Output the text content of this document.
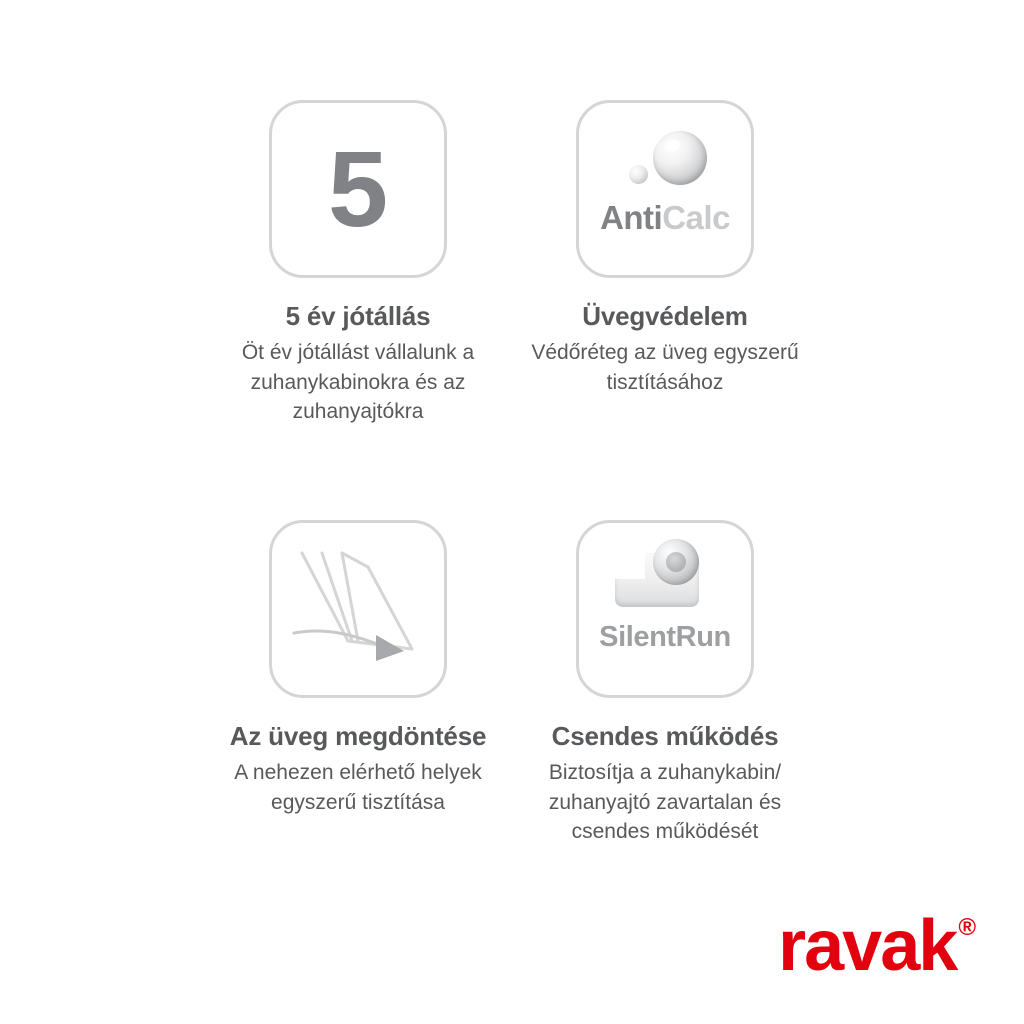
5
5 év jótállás
Öt év jótállást vállalunk a zuhanykabinokra és az zuhanyajtókra
AntiCalc
Üvegvédelem
Védőréteg az üveg egyszerű tisztításához
Az üveg megdöntése
A nehezen elérhető helyek egyszerű tisztítása
SilentRun
Csendes működés
Biztosítja a zuhanykabin/ zuhanyajtó zavartalan és csendes működését
ravak®
